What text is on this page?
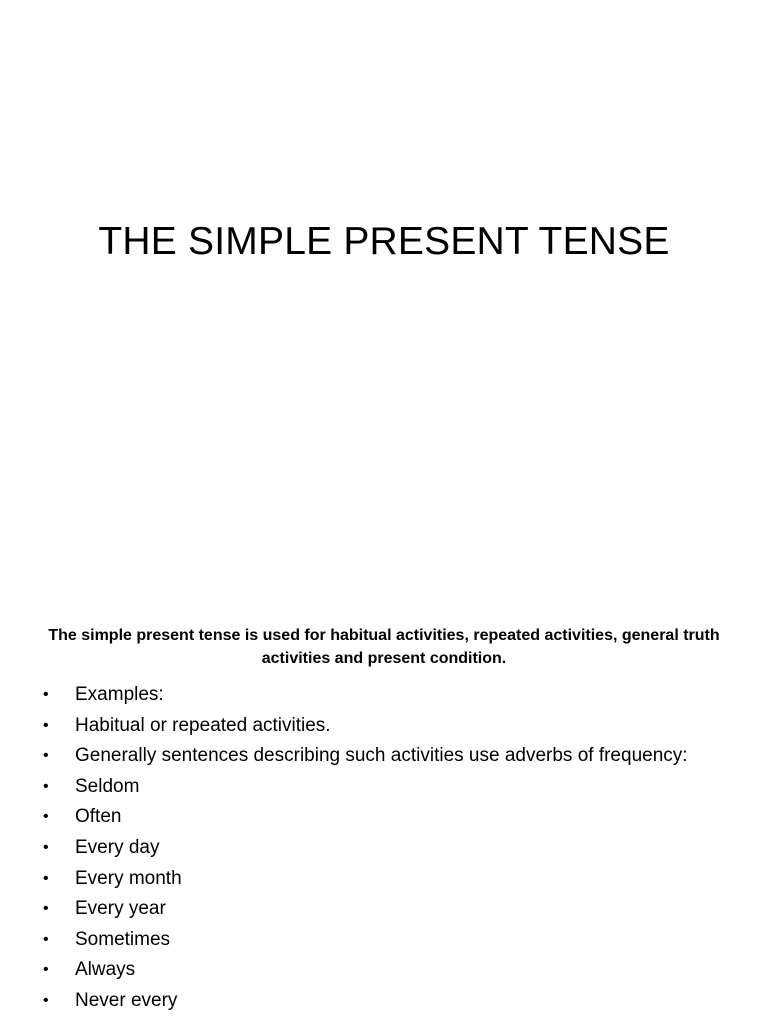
THE SIMPLE PRESENT TENSE

The simple present tense is used for habitual activities, repeated activities, general truth activities and present condition.

• Examples:
• Habitual or repeated activities.
• Generally sentences describing such activities use adverbs of frequency:
• Seldom
• Often
• Every day
• Every month
• Every year
• Sometimes
• Always
• Never every
